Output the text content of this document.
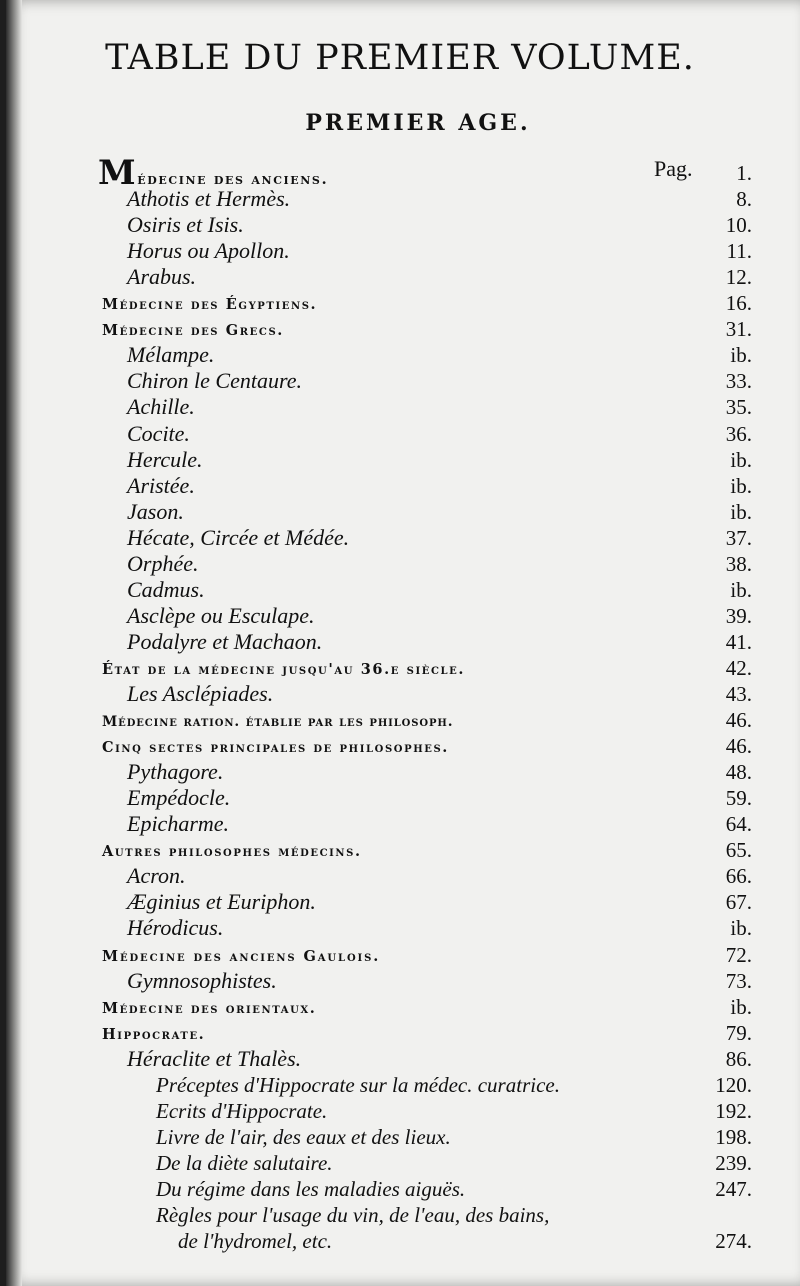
TABLE DU PREMIER VOLUME.
PREMIER AGE.
Médecine des anciens.	Pag. 1.
Athotis et Hermès.	8.
Osiris et Isis.	10.
Horus ou Apollon.	11.
Arabus.	12.
Médecine des Égyptiens.	16.
Médecine des Grecs.	31.
Mélampe.	ib.
Chiron le Centaure.	33.
Achille.	35.
Cocite.	36.
Hercule.	ib.
Aristée.	ib.
Jason.	ib.
Hécate, Circée et Médée.	37.
Orphée.	38.
Cadmus.	ib.
Asclèpe ou Esculape.	39.
Podalyre et Machaon.	41.
État de la médecine jusqu'au 36.e siècle.	42.
Les Asclépiades.	43.
Médecine ration. établie par les philosoph.	46.
Cinq sectes principales de philosophes.	46.
Pythagore.	48.
Empédocle.	59.
Epicharme.	64.
Autres philosophes médecins.	65.
Acron.	66.
Æginius et Euriphon.	67.
Hérodicus.	ib.
Médecine des anciens Gaulois.	72.
Gymnosophistes.	73.
Médecine des orientaux.	ib.
Hippocrate.	79.
Héraclite et Thalès.	86.
Préceptes d'Hippocrate sur la médec. curatrice.	120.
Ecrits d'Hippocrate.	192.
Livre de l'air, des eaux et des lieux.	198.
De la diète salutaire.	239.
Du régime dans les maladies aiguës.	247.
Règles pour l'usage du vin, de l'eau, des bains,
de l'hydromel, etc.	274.
